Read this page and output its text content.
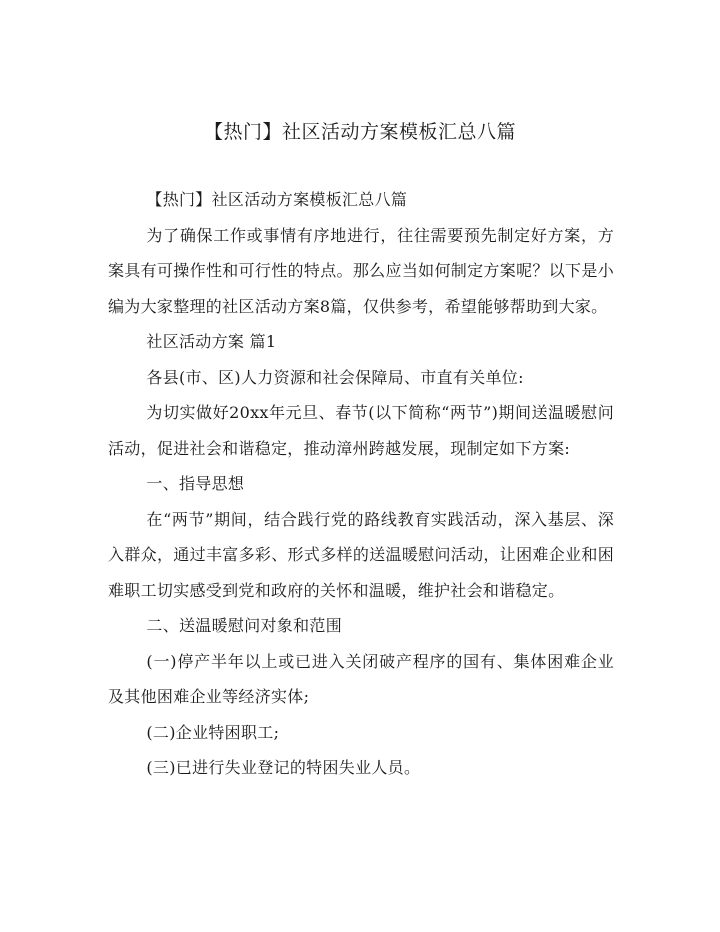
【热门】社区活动方案模板汇总八篇

【热门】社区活动方案模板汇总八篇

为了确保工作或事情有序地进行，往往需要预先制定好方案，方案具有可操作性和可行性的特点。那么应当如何制定方案呢？以下是小编为大家整理的社区活动方案8篇，仅供参考，希望能够帮助到大家。

社区活动方案 篇1

各县(市、区)人力资源和社会保障局、市直有关单位:

为切实做好20xx年元旦、春节(以下简称“两节”)期间送温暖慰问活动，促进社会和谐稳定，推动漳州跨越发展，现制定如下方案:

一、指导思想

在“两节”期间，结合践行党的路线教育实践活动，深入基层、深入群众，通过丰富多彩、形式多样的送温暖慰问活动，让困难企业和困难职工切实感受到党和政府的关怀和温暖，维护社会和谐稳定。

二、送温暖慰问对象和范围

(一)停产半年以上或已进入关闭破产程序的国有、集体困难企业及其他困难企业等经济实体;

(二)企业特困职工;

(三)已进行失业登记的特困失业人员。
